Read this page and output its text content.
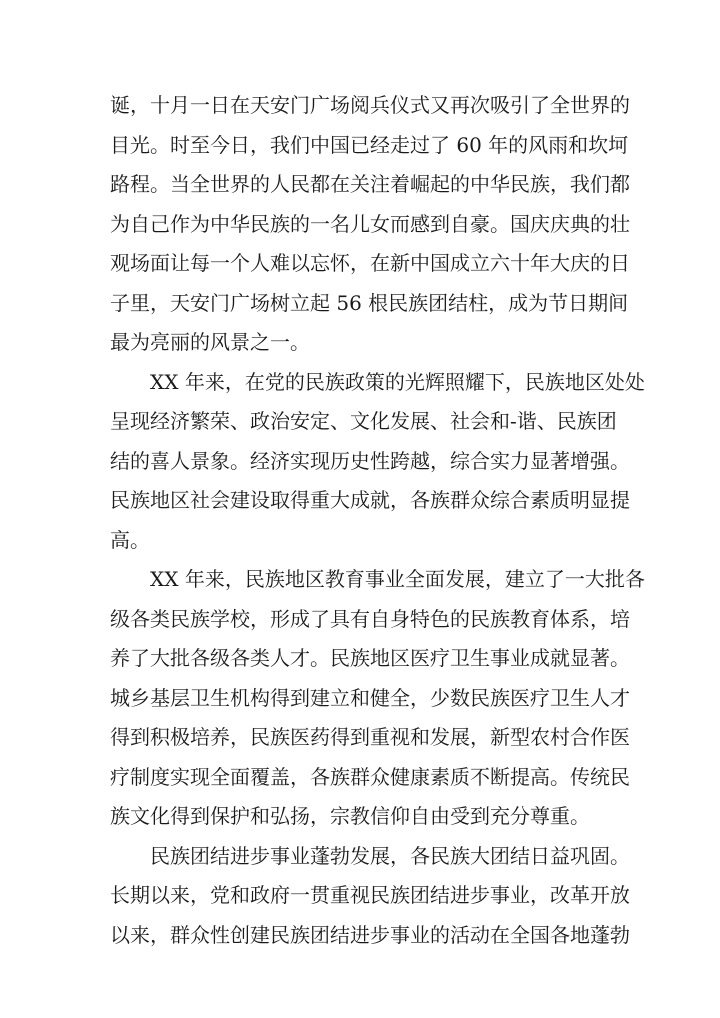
诞，十月一日在天安门广场阅兵仪式又再次吸引了全世界的
目光。时至今日，我们中国已经走过了 60 年的风雨和坎坷
路程。当全世界的人民都在关注着崛起的中华民族，我们都
为自己作为中华民族的一名儿女而感到自豪。国庆庆典的壮
观场面让每一个人难以忘怀，在新中国成立六十年大庆的日
子里，天安门广场树立起 56 根民族团结柱，成为节日期间
最为亮丽的风景之一。

XX 年来，在党的民族政策的光辉照耀下，民族地区处处
呈现经济繁荣、政治安定、文化发展、社会和-谐、民族团
结的喜人景象。经济实现历史性跨越，综合实力显著增强。
民族地区社会建设取得重大成就，各族群众综合素质明显提
高。

XX 年来，民族地区教育事业全面发展，建立了一大批各
级各类民族学校，形成了具有自身特色的民族教育体系，培
养了大批各级各类人才。民族地区医疗卫生事业成就显著。
城乡基层卫生机构得到建立和健全，少数民族医疗卫生人才
得到积极培养，民族医药得到重视和发展，新型农村合作医
疗制度实现全面覆盖，各族群众健康素质不断提高。传统民
族文化得到保护和弘扬，宗教信仰自由受到充分尊重。

民族团结进步事业蓬勃发展，各民族大团结日益巩固。
长期以来，党和政府一贯重视民族团结进步事业，改革开放
以来，群众性创建民族团结进步事业的活动在全国各地蓬勃
